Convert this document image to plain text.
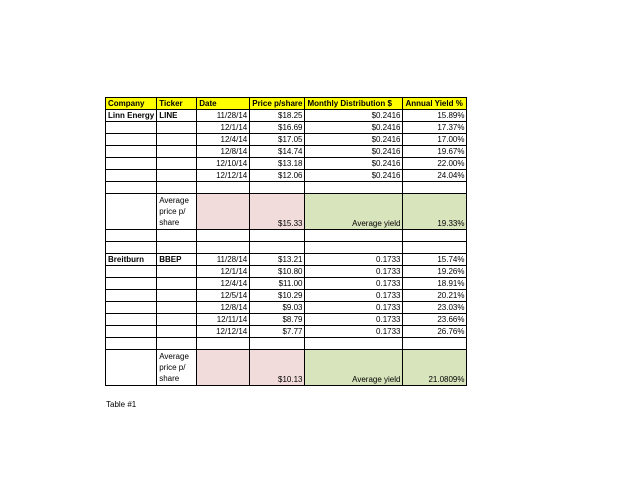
Company	Ticker	Date	Price p/share	Monthly Distribution $	Annual Yield %
Linn Energy	LINE	11/28/14	$18.25	$0.2416	15.89%
		12/1/14	$16.69	$0.2416	17.37%
		12/4/14	$17.05	$0.2416	17.00%
		12/8/14	$14.74	$0.2416	19.67%
		12/10/14	$13.18	$0.2416	22.00%
		12/12/14	$12.06	$0.2416	24.04%

	Average price p/ share		$15.33	Average yield	19.33%

Breitburn	BBEP	11/28/14	$13.21	0.1733	15.74%
		12/1/14	$10.80	0.1733	19.26%
		12/4/14	$11.00	0.1733	18.91%
		12/5/14	$10.29	0.1733	20.21%
		12/8/14	$9.03	0.1733	23.03%
		12/11/14	$8.79	0.1733	23.66%
		12/12/14	$7.77	0.1733	26.76%

	Average price p/ share		$10.13	Average yield	21.0809%
Table #1
